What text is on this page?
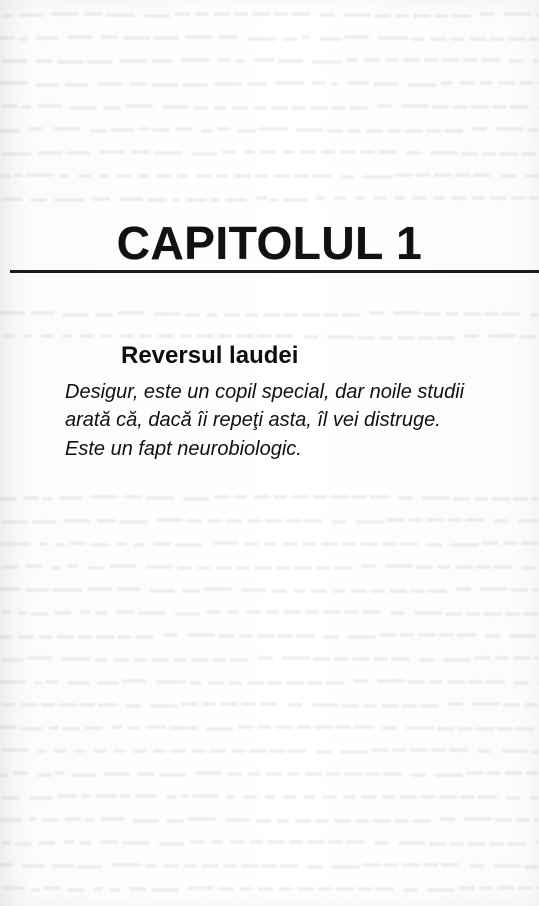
CAPITOLUL 1
Reversul laudei
Desigur, este un copil special, dar noile studii
arată că, dacă îi repeţi asta, îl vei distruge.
Este un fapt neurobiologic.
